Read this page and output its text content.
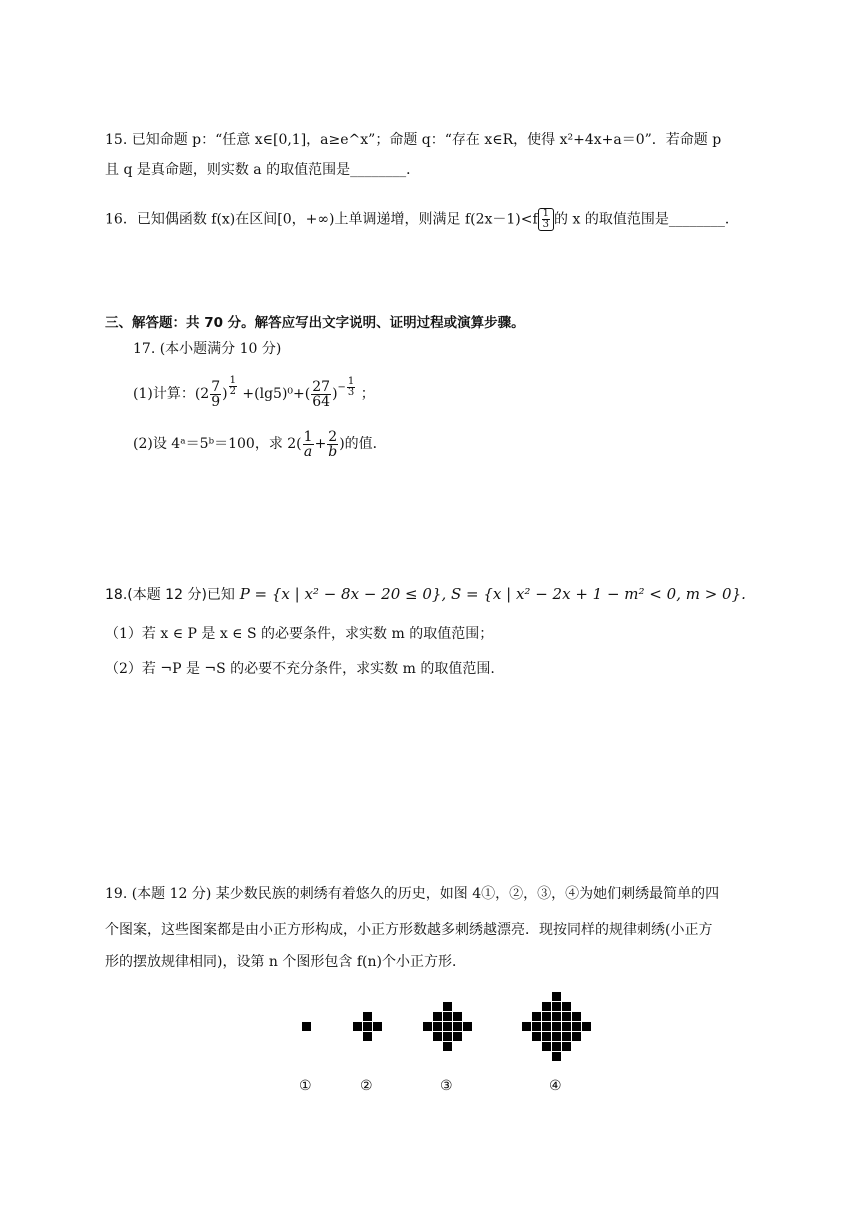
15. 已知命题 p：“任意 x∈[0,1]，a≥e^x”；命题 q：“存在 x∈R，使得 x²+4x+a＝0”．若命题 p
且 q 是真命题，则实数 a 的取值范围是________．
16．已知偶函数 f(x)在区间[0，+∞)上单调递增，则满足 $f(2x-1)<f \frac{1}{3}$ 的 x 的取值范围是________．
三、解答题：共 70 分。解答应写出文字说明、证明过程或演算步骤。
17. (本小题满分 10 分)
(1)计算：($2 \frac{7}{9}$ ) $\frac{1}{2} +(\lg 5)^0+( \frac{27}{64} )^{- \frac{1}{3}}$ ；
(2)设 4ᵃ＝5ᵇ＝100，求 $2( \frac{1}{a} + \frac{2}{b}$ )的值．
18.(本题 12 分)已知 P = {x | x² − 8x − 20 ≤ 0}, S = {x | x² − 2x + 1 − m² < 0, m > 0}.
（1）若 x ∈ P 是 x ∈ S 的必要条件，求实数 m 的取值范围；
（2）若 ¬P 是 ¬S 的必要不充分条件，求实数 m 的取值范围.
19. (本题 12 分) 某少数民族的刺绣有着悠久的历史，如图 4①，②，③，④为她们刺绣最简单的四
个图案，这些图案都是由小正方形构成，小正方形数越多刺绣越漂亮．现按同样的规律刺绣(小正方
形的摆放规律相同)，设第 n 个图形包含 f(n)个小正方形．
①	②	③	④
